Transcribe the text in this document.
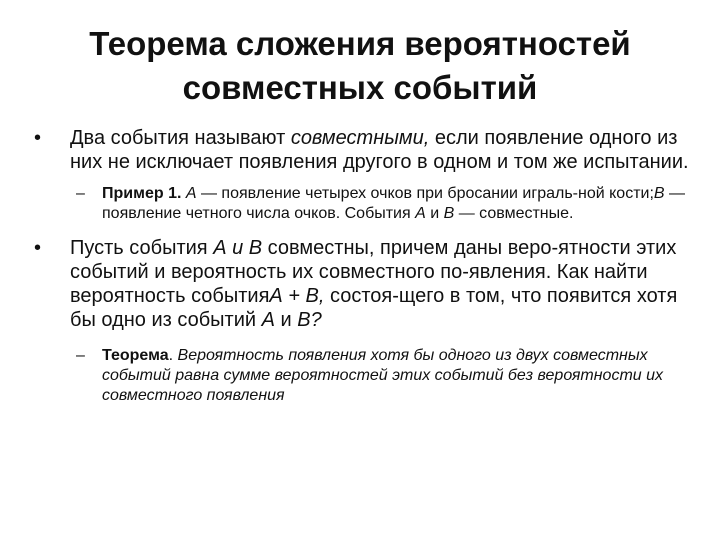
Теорема сложения вероятностей
совместных событий
• Два события называют совместными, если появление одного из них не исключает появления другого в одном и том же испытании.
– Пример 1. А — появление четырех очков при бросании играль-ной кости;B — появление четного числа очков. События А и В — совместные.
• Пусть события А и В совместны, причем даны веро-ятности этих событий и вероятность их совместного по-явления. Как найти вероятность событияА + В, состоя-щего в том, что появится хотя бы одно из событий А и В?
– Теорема. Вероятность появления хотя бы одного из двух совместных событий равна сумме вероятностей этих событий без вероятности их совместного появления
